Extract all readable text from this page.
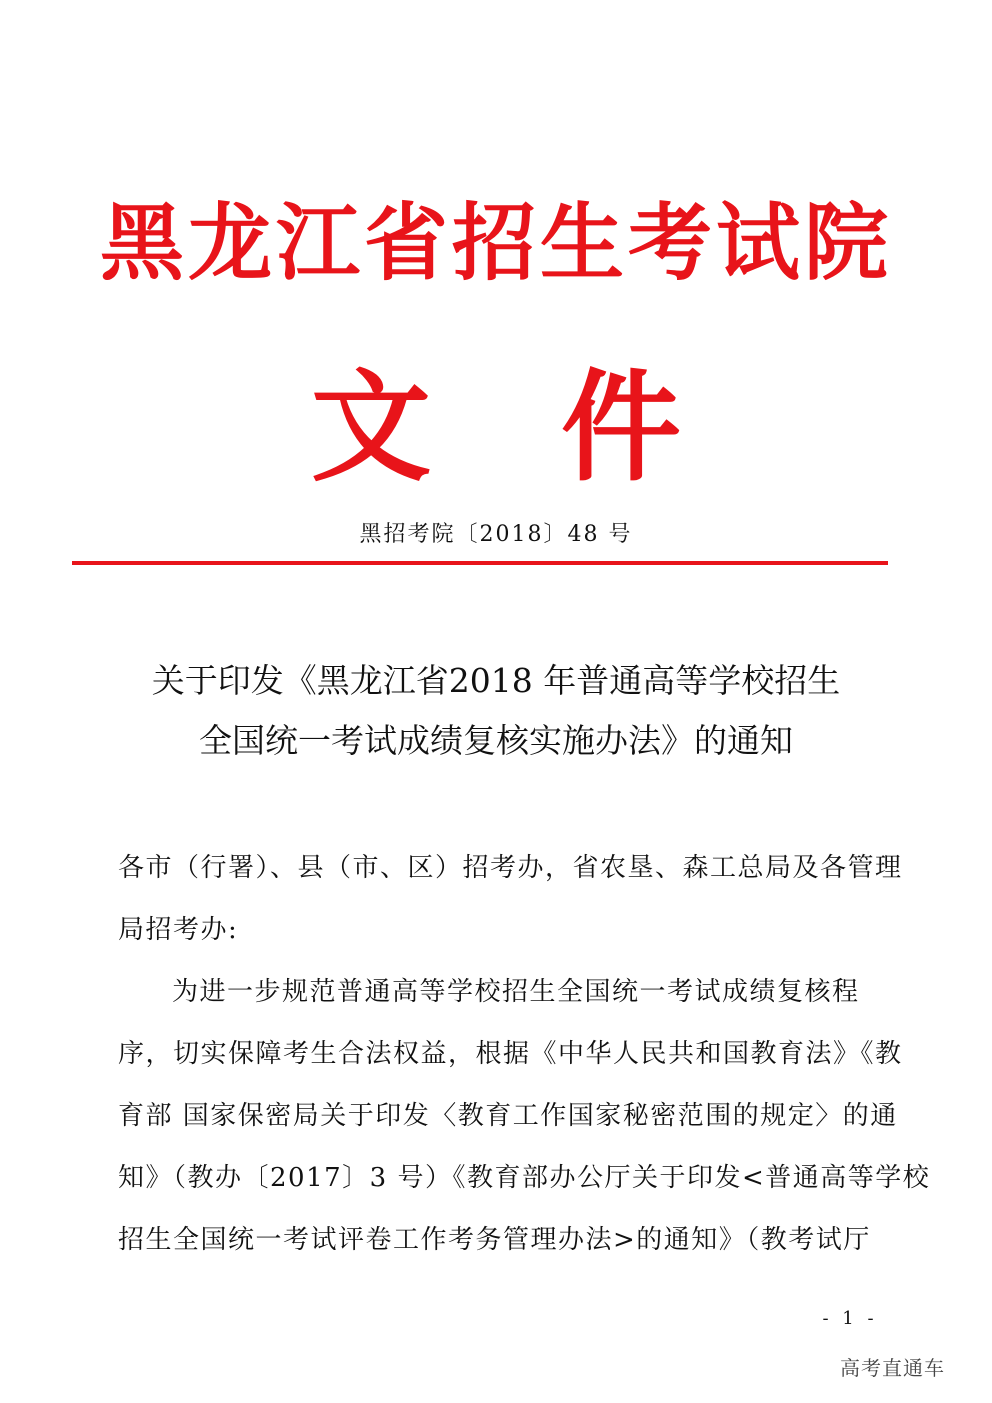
黑龙江省招生考试院
文 件
黑招考院〔2018〕48 号
关于印发《黑龙江省2018 年普通高等学校招生
全国统一考试成绩复核实施办法》的通知
各市（行署）、县（市、区）招考办，省农垦、森工总局及各管理
局招考办:
为进一步规范普通高等学校招生全国统一考试成绩复核程
序，切实保障考生合法权益，根据《中华人民共和国教育法》《教
育部 国家保密局关于印发〈教育工作国家秘密范围的规定〉的通
知》（教办〔2017〕3 号）《教育部办公厅关于印发<普通高等学校
招生全国统一考试评卷工作考务管理办法>的通知》（教考试厅
- 1 -
高考直通车
